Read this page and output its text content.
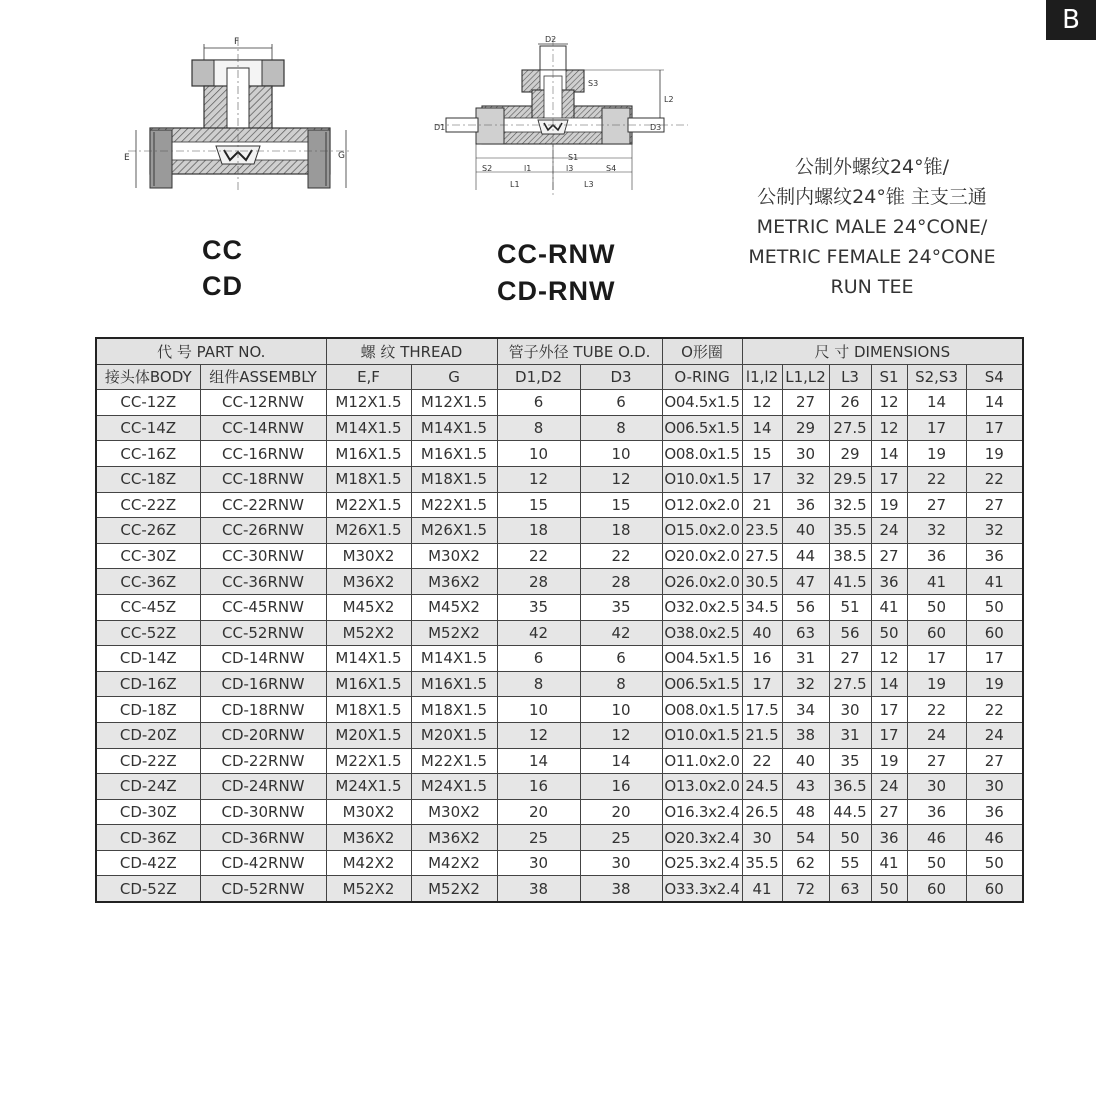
B
F
E	G
D2
S3
L2
D1	D3
S2	l1	l3
S1
S4
L1	L3
CC
CD
CC-RNW
CD-RNW
公制外螺纹24°锥/
公制内螺纹24°锥 主支三通
METRIC MALE 24°CONE/
METRIC FEMALE 24°CONE
RUN TEE
代 号 PART NO.		螺 纹 THREAD		管子外径 TUBE O.D.		O形圈	尺 寸 DIMENSIONS					
接头体BODY	组件ASSEMBLY	E,F	G	D1,D2	D3	O-RING	l1,l2	L1,L2	L3	S1	S2,S3	S4
CC-12Z	CC-12RNW	M12X1.5	M12X1.5	6	6	O04.5x1.5	12	27	26	12	14	14
CC-14Z	CC-14RNW	M14X1.5	M14X1.5	8	8	O06.5x1.5	14	29	27.5	12	17	17
CC-16Z	CC-16RNW	M16X1.5	M16X1.5	10	10	O08.0x1.5	15	30	29	14	19	19
CC-18Z	CC-18RNW	M18X1.5	M18X1.5	12	12	O10.0x1.5	17	32	29.5	17	22	22
CC-22Z	CC-22RNW	M22X1.5	M22X1.5	15	15	O12.0x2.0	21	36	32.5	19	27	27
CC-26Z	CC-26RNW	M26X1.5	M26X1.5	18	18	O15.0x2.0	23.5	40	35.5	24	32	32
CC-30Z	CC-30RNW	M30X2	M30X2	22	22	O20.0x2.0	27.5	44	38.5	27	36	36
CC-36Z	CC-36RNW	M36X2	M36X2	28	28	O26.0x2.0	30.5	47	41.5	36	41	41
CC-45Z	CC-45RNW	M45X2	M45X2	35	35	O32.0x2.5	34.5	56	51	41	50	50
CC-52Z	CC-52RNW	M52X2	M52X2	42	42	O38.0x2.5	40	63	56	50	60	60
CD-14Z	CD-14RNW	M14X1.5	M14X1.5	6	6	O04.5x1.5	16	31	27	12	17	17
CD-16Z	CD-16RNW	M16X1.5	M16X1.5	8	8	O06.5x1.5	17	32	27.5	14	19	19
CD-18Z	CD-18RNW	M18X1.5	M18X1.5	10	10	O08.0x1.5	17.5	34	30	17	22	22
CD-20Z	CD-20RNW	M20X1.5	M20X1.5	12	12	O10.0x1.5	21.5	38	31	17	24	24
CD-22Z	CD-22RNW	M22X1.5	M22X1.5	14	14	O11.0x2.0	22	40	35	19	27	27
CD-24Z	CD-24RNW	M24X1.5	M24X1.5	16	16	O13.0x2.0	24.5	43	36.5	24	30	30
CD-30Z	CD-30RNW	M30X2	M30X2	20	20	O16.3x2.4	26.5	48	44.5	27	36	36
CD-36Z	CD-36RNW	M36X2	M36X2	25	25	O20.3x2.4	30	54	50	36	46	46
CD-42Z	CD-42RNW	M42X2	M42X2	30	30	O25.3x2.4	35.5	62	55	41	50	50
CD-52Z	CD-52RNW	M52X2	M52X2	38	38	O33.3x2.4	41	72	63	50	60	60
